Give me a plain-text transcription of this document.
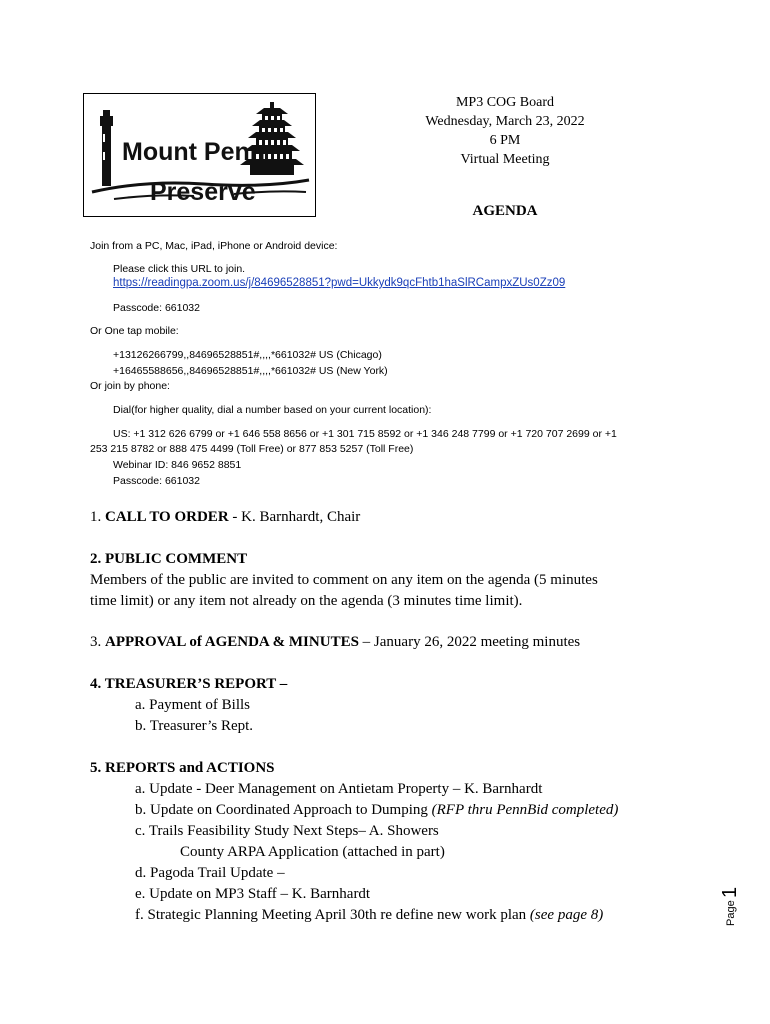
Mount Penn
Preserve
MP3 COG Board
Wednesday, March 23, 2022
6 PM
Virtual Meeting
AGENDA
Join from a PC, Mac, iPad, iPhone or Android device:
Please click this URL to join.
https://readingpa.zoom.us/j/84696528851?pwd=Ukkydk9qcFhtb1haSlRCampxZUs0Zz09
Passcode: 661032
Or One tap mobile:
+13126266799,,84696528851#,,,,*661032# US (Chicago)
+16465588656,,84696528851#,,,,*661032# US (New York)
Or join by phone:
Dial(for higher quality, dial a number based on your current location):
US: +1 312 626 6799 or +1 646 558 8656 or +1 301 715 8592 or +1 346 248 7799 or +1 720 707 2699 or +1
253 215 8782 or 888 475 4499 (Toll Free) or 877 853 5257 (Toll Free)
Webinar ID: 846 9652 8851
Passcode: 661032
1. CALL TO ORDER - K. Barnhardt, Chair
2. PUBLIC COMMENT
Members of the public are invited to comment on any item on the agenda (5 minutes
time limit) or any item not already on the agenda (3 minutes time limit).
3. APPROVAL of AGENDA & MINUTES – January 26, 2022 meeting minutes
4. TREASURER’S REPORT –
a. Payment of Bills
b. Treasurer’s Rept.
5. REPORTS and ACTIONS
a. Update - Deer Management on Antietam Property – K. Barnhardt
b. Update on Coordinated Approach to Dumping (RFP thru PennBid completed)
c. Trails Feasibility Study Next Steps– A. Showers
County ARPA Application (attached in part)
d. Pagoda Trail Update –
e. Update on MP3 Staff – K. Barnhardt
f. Strategic Planning Meeting April 30th re define new work plan (see page 8)	Page
1
